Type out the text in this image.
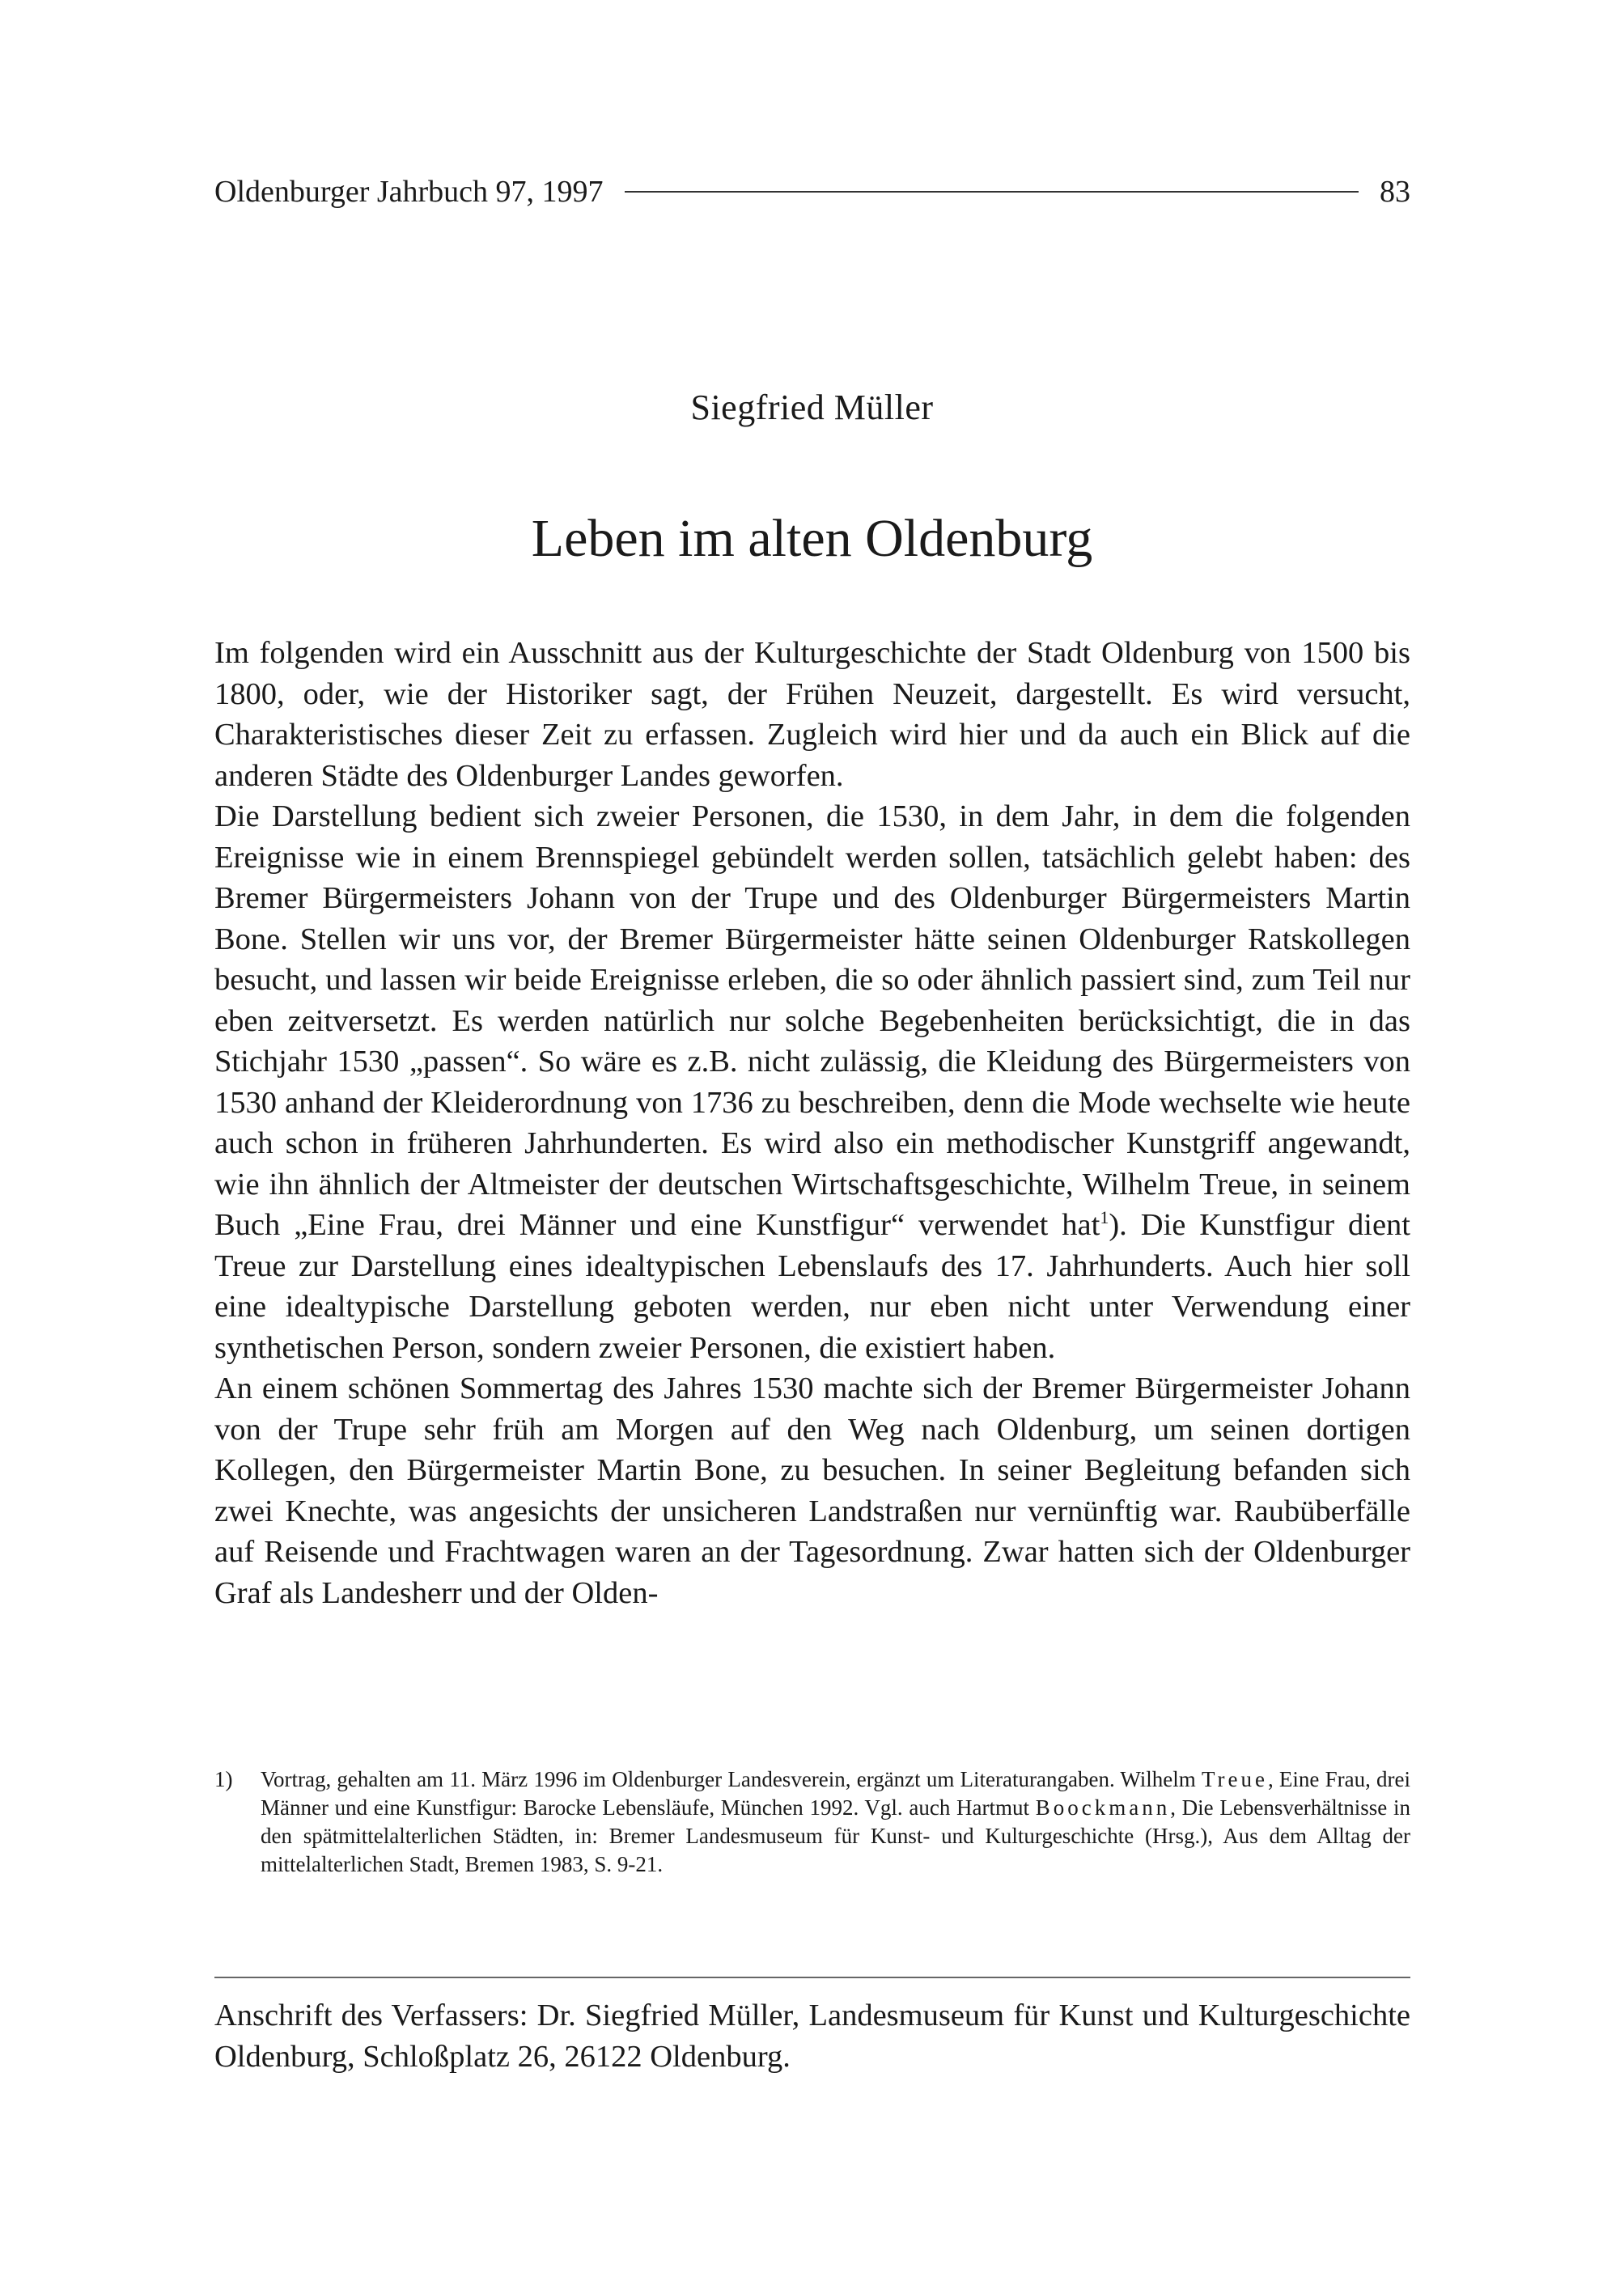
Oldenburger Jahrbuch 97, 1997	83
Siegfried Müller
Leben im alten Oldenburg

Im folgenden wird ein Ausschnitt aus der Kulturgeschichte der Stadt Oldenburg von 1500 bis 1800, oder, wie der Historiker sagt, der Frühen Neuzeit, dargestellt. Es wird versucht, Charakteristisches dieser Zeit zu erfassen. Zugleich wird hier und da auch ein Blick auf die anderen Städte des Oldenburger Landes geworfen.

Die Darstellung bedient sich zweier Personen, die 1530, in dem Jahr, in dem die folgenden Ereignisse wie in einem Brennspiegel gebündelt werden sollen, tatsächlich gelebt haben: des Bremer Bürgermeisters Johann von der Trupe und des Oldenburger Bürgermeisters Martin Bone. Stellen wir uns vor, der Bremer Bürgermeister hätte seinen Oldenburger Ratskollegen besucht, und lassen wir beide Ereignisse erleben, die so oder ähnlich passiert sind, zum Teil nur eben zeitversetzt. Es werden natürlich nur solche Begebenheiten berücksichtigt, die in das Stichjahr 1530 „passen“. So wäre es z.B. nicht zulässig, die Kleidung des Bürgermeisters von 1530 anhand der Kleiderordnung von 1736 zu beschreiben, denn die Mode wechselte wie heute auch schon in früheren Jahrhunderten. Es wird also ein methodischer Kunstgriff angewandt, wie ihn ähnlich der Altmeister der deutschen Wirtschaftsgeschichte, Wilhelm Treue, in seinem Buch „Eine Frau, drei Männer und eine Kunstfigur“ verwendet hat$^1$). Die Kunstfigur dient Treue zur Darstellung eines idealtypischen Lebenslaufs des 17. Jahrhunderts. Auch hier soll eine idealtypische Darstellung geboten werden, nur eben nicht unter Verwendung einer synthetischen Person, sondern zweier Personen, die existiert haben.

An einem schönen Sommertag des Jahres 1530 machte sich der Bremer Bürgermeister Johann von der Trupe sehr früh am Morgen auf den Weg nach Oldenburg, um seinen dortigen Kollegen, den Bürgermeister Martin Bone, zu besuchen. In seiner Begleitung befanden sich zwei Knechte, was angesichts der unsicheren Landstraßen nur vernünftig war. Raubüberfälle auf Reisende und Frachtwagen waren an der Tagesordnung. Zwar hatten sich der Oldenburger Graf als Landesherr und der Olden-

1)	Vortrag, gehalten am 11. März 1996 im Oldenburger Landesverein, ergänzt um Literaturangaben. Wilhelm Treue, Eine Frau, drei Männer und eine Kunstfigur: Barocke Lebensläufe, München 1992. Vgl. auch Hartmut Boockmann, Die Lebensverhältnisse in den spätmittelalterlichen Städten, in: Bremer Landesmuseum für Kunst- und Kulturgeschichte (Hrsg.), Aus dem Alltag der mittelalterlichen Stadt, Bremen 1983, S. 9-21.
Anschrift des Verfassers: Dr. Siegfried Müller, Landesmuseum für Kunst und Kulturgeschichte Oldenburg, Schloßplatz 26, 26122 Oldenburg.
